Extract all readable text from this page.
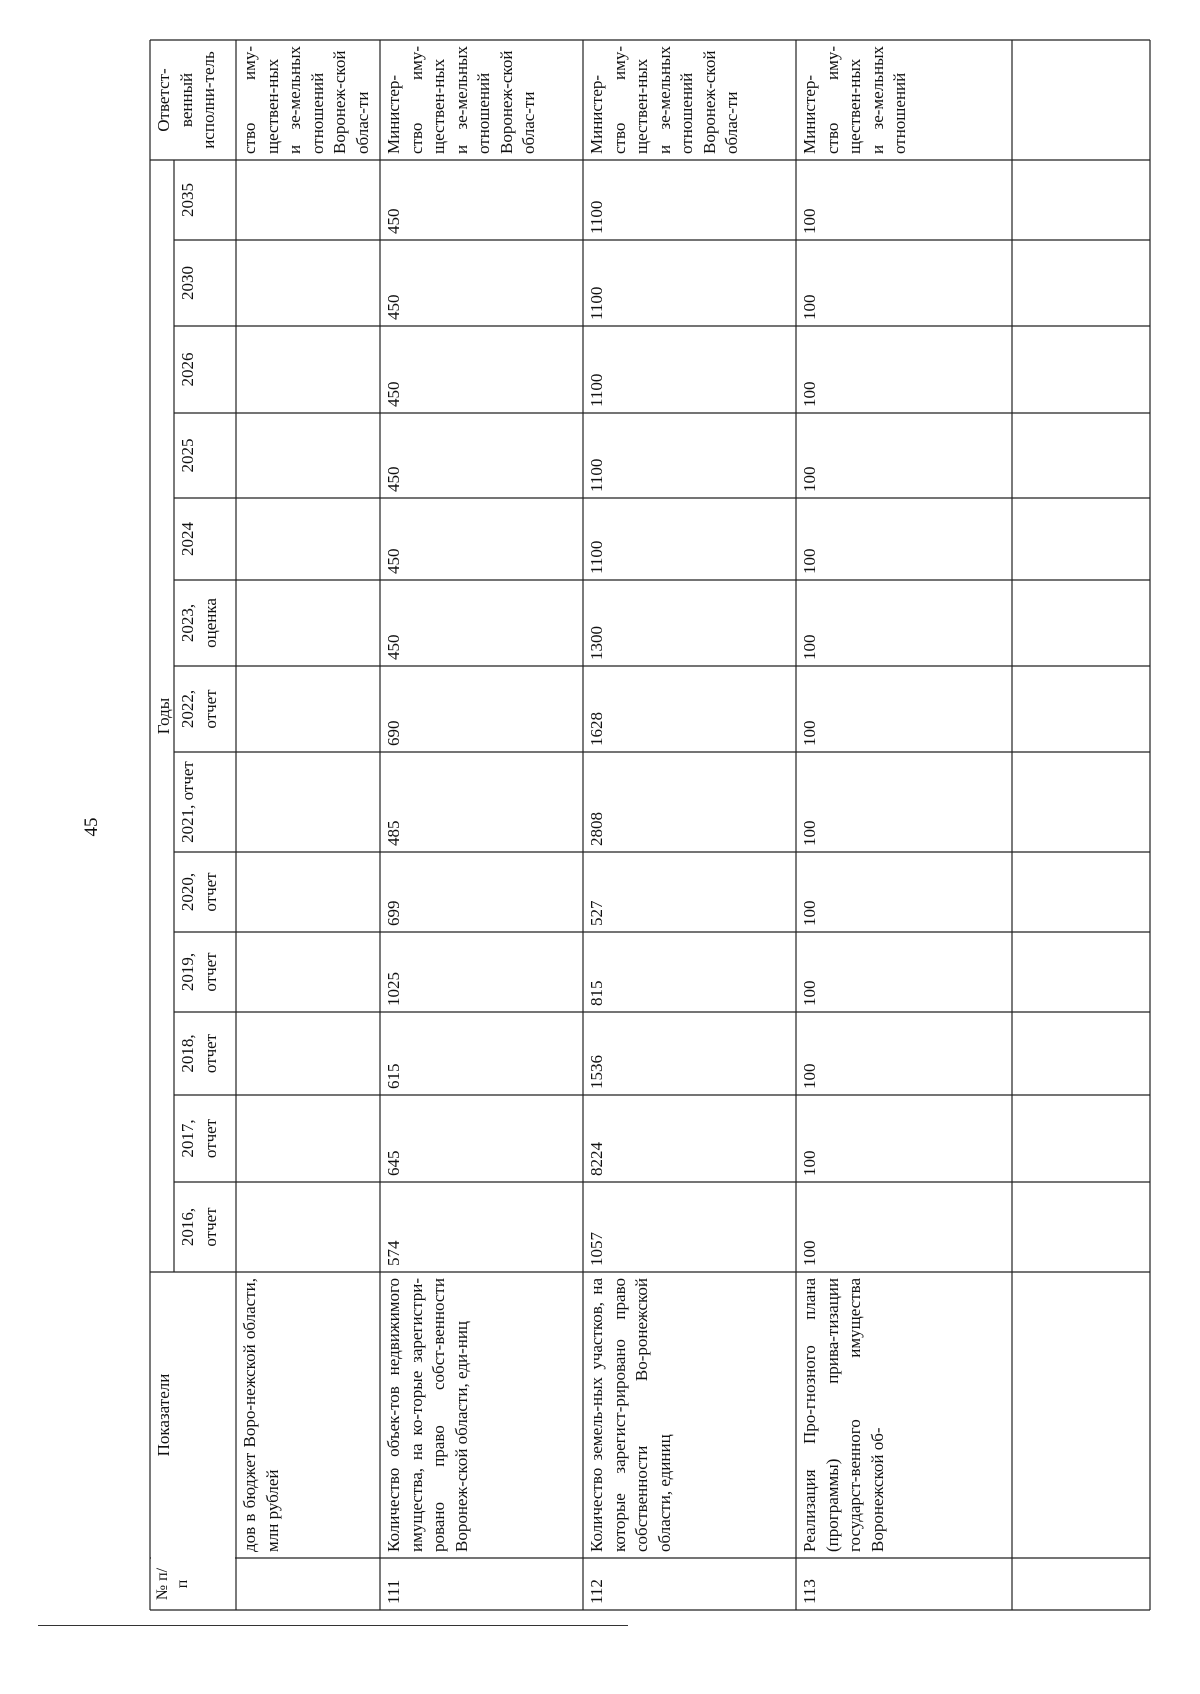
45
№ п/п
Показатели
Годы
Ответст-венный исполни-тель
2016, отчет
2017, отчет
2018, отчет
2019, отчет
2020, отчет
2021, отчет
2022, отчет
2023, оценка
2024
2025
2026
2030
2035
дов в бюджет Воро-нежской области, млн рублей
ство иму-ществен-ных и зе-мельных отношений Воронеж-ской облас-ти
111
Количество объек-тов недвижимого имущества, на ко-торые зарегистри-ровано право собст-венности Воронеж-ской области, еди-ниц
574
645
615
1025
699
485
690
450
450
450
450
450
450
Министер-ство иму-ществен-ных и зе-мельных отношений Воронеж-ской облас-ти
112
Количество земель-ных участков, на которые зарегист-рировано право собственности Во-ронежской области, единиц
1057
8224
1536
815
527
2808
1628
1300
1100
1100
1100
1100
1100
Министер-ство иму-ществен-ных и зе-мельных отношений Воронеж-ской облас-ти
113
Реализация Про-гнозного плана (программы) прива-тизации государст-венного имущества Воронежской об-
100
100
100
100
100
100
100
100
100
100
100
100
100
Министер-ство иму-ществен-ных и зе-мельных отношений
